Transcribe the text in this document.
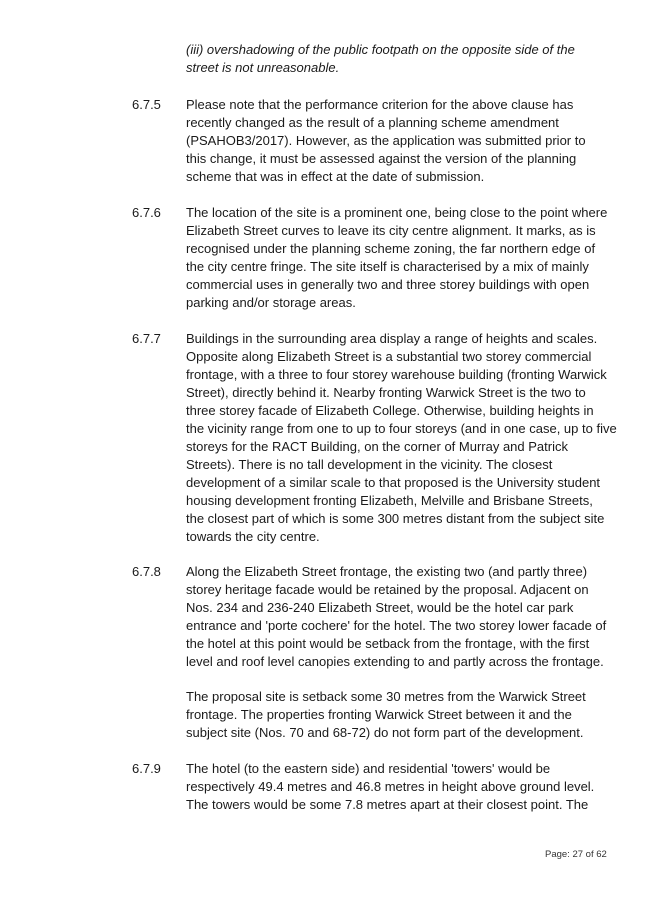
(iii) overshadowing of the public footpath on the opposite side of the
street is not unreasonable.

6.7.5 Please note that the performance criterion for the above clause has
recently changed as the result of a planning scheme amendment
(PSAHOB3/2017). However, as the application was submitted prior to
this change, it must be assessed against the version of the planning
scheme that was in effect at the date of submission.

6.7.6 The location of the site is a prominent one, being close to the point where
Elizabeth Street curves to leave its city centre alignment. It marks, as is
recognised under the planning scheme zoning, the far northern edge of
the city centre fringe. The site itself is characterised by a mix of mainly
commercial uses in generally two and three storey buildings with open
parking and/or storage areas.

6.7.7 Buildings in the surrounding area display a range of heights and scales.
Opposite along Elizabeth Street is a substantial two storey commercial
frontage, with a three to four storey warehouse building (fronting Warwick
Street), directly behind it. Nearby fronting Warwick Street is the two to
three storey facade of Elizabeth College. Otherwise, building heights in
the vicinity range from one to up to four storeys (and in one case, up to five
storeys for the RACT Building, on the corner of Murray and Patrick
Streets). There is no tall development in the vicinity. The closest
development of a similar scale to that proposed is the University student
housing development fronting Elizabeth, Melville and Brisbane Streets,
the closest part of which is some 300 metres distant from the subject site
towards the city centre.

6.7.8 Along the Elizabeth Street frontage, the existing two (and partly three)
storey heritage facade would be retained by the proposal. Adjacent on
Nos. 234 and 236-240 Elizabeth Street, would be the hotel car park
entrance and 'porte cochere' for the hotel. The two storey lower facade of
the hotel at this point would be setback from the frontage, with the first
level and roof level canopies extending to and partly across the frontage.

The proposal site is setback some 30 metres from the Warwick Street
frontage. The properties fronting Warwick Street between it and the
subject site (Nos. 70 and 68-72) do not form part of the development.

6.7.9 The hotel (to the eastern side) and residential 'towers' would be
respectively 49.4 metres and 46.8 metres in height above ground level.
The towers would be some 7.8 metres apart at their closest point. The

Page: 27 of 62
